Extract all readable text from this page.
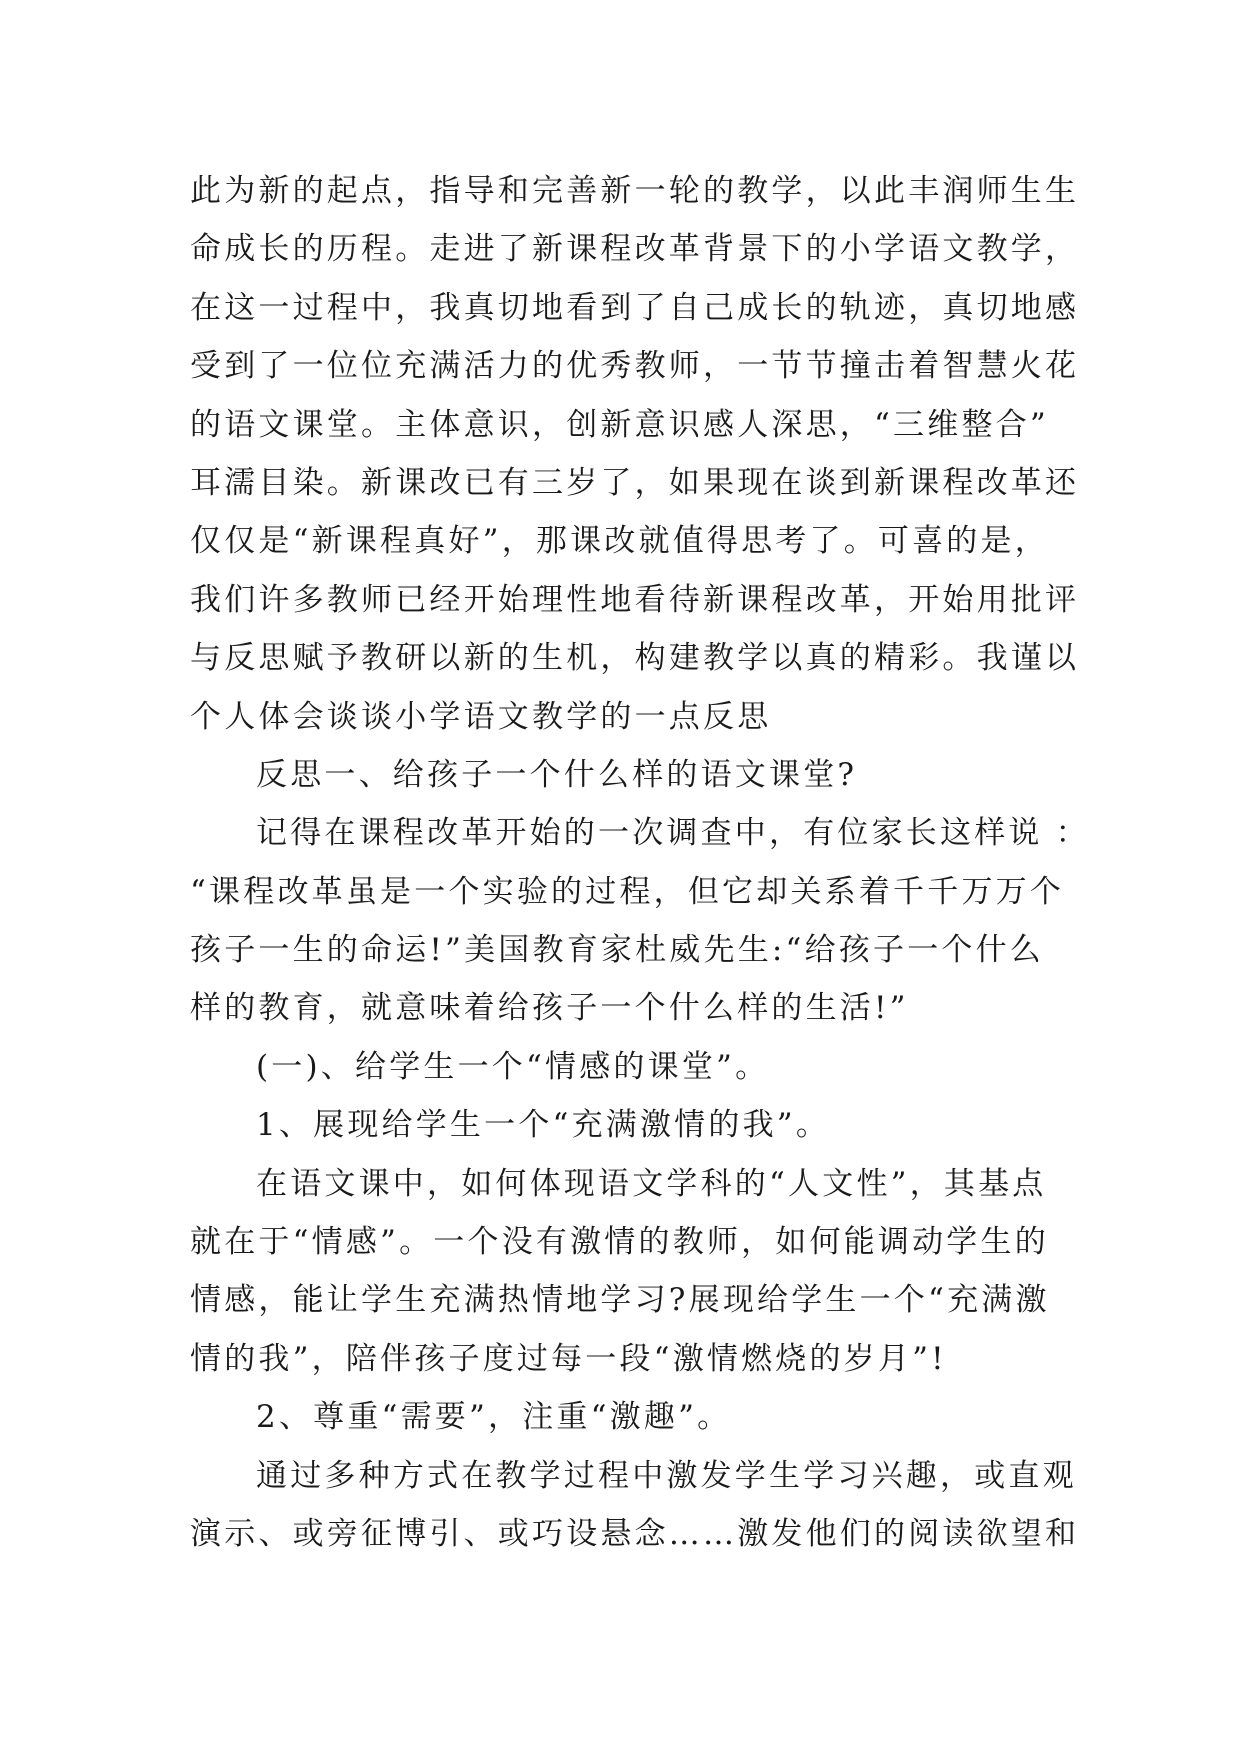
此为新的起点，指导和完善新一轮的教学，以此丰润师生生
命成长的历程。走进了新课程改革背景下的小学语文教学，
在这一过程中，我真切地看到了自己成长的轨迹，真切地感
受到了一位位充满活力的优秀教师，一节节撞击着智慧火花
的语文课堂。主体意识，创新意识感人深思，“三维整合”
耳濡目染。新课改已有三岁了，如果现在谈到新课程改革还
仅仅是“新课程真好”，那课改就值得思考了。可喜的是，
我们许多教师已经开始理性地看待新课程改革，开始用批评
与反思赋予教研以新的生机，构建教学以真的精彩。我谨以
个人体会谈谈小学语文教学的一点反思
反思一、给孩子一个什么样的语文课堂?
记得在课程改革开始的一次调查中，有位家长这样说 ：
“课程改革虽是一个实验的过程，但它却关系着千千万万个
孩子一生的命运!”美国教育家杜威先生:“给孩子一个什么
样的教育，就意味着给孩子一个什么样的生活!”
(一)、给学生一个“情感的课堂”。
1、展现给学生一个“充满激情的我”。
在语文课中，如何体现语文学科的“人文性”，其基点
就在于“情感”。一个没有激情的教师，如何能调动学生的
情感，能让学生充满热情地学习?展现给学生一个“充满激
情的我”，陪伴孩子度过每一段“激情燃烧的岁月”!
2、尊重“需要”，注重“激趣”。
通过多种方式在教学过程中激发学生学习兴趣，或直观
演示、或旁征博引、或巧设悬念……激发他们的阅读欲望和
